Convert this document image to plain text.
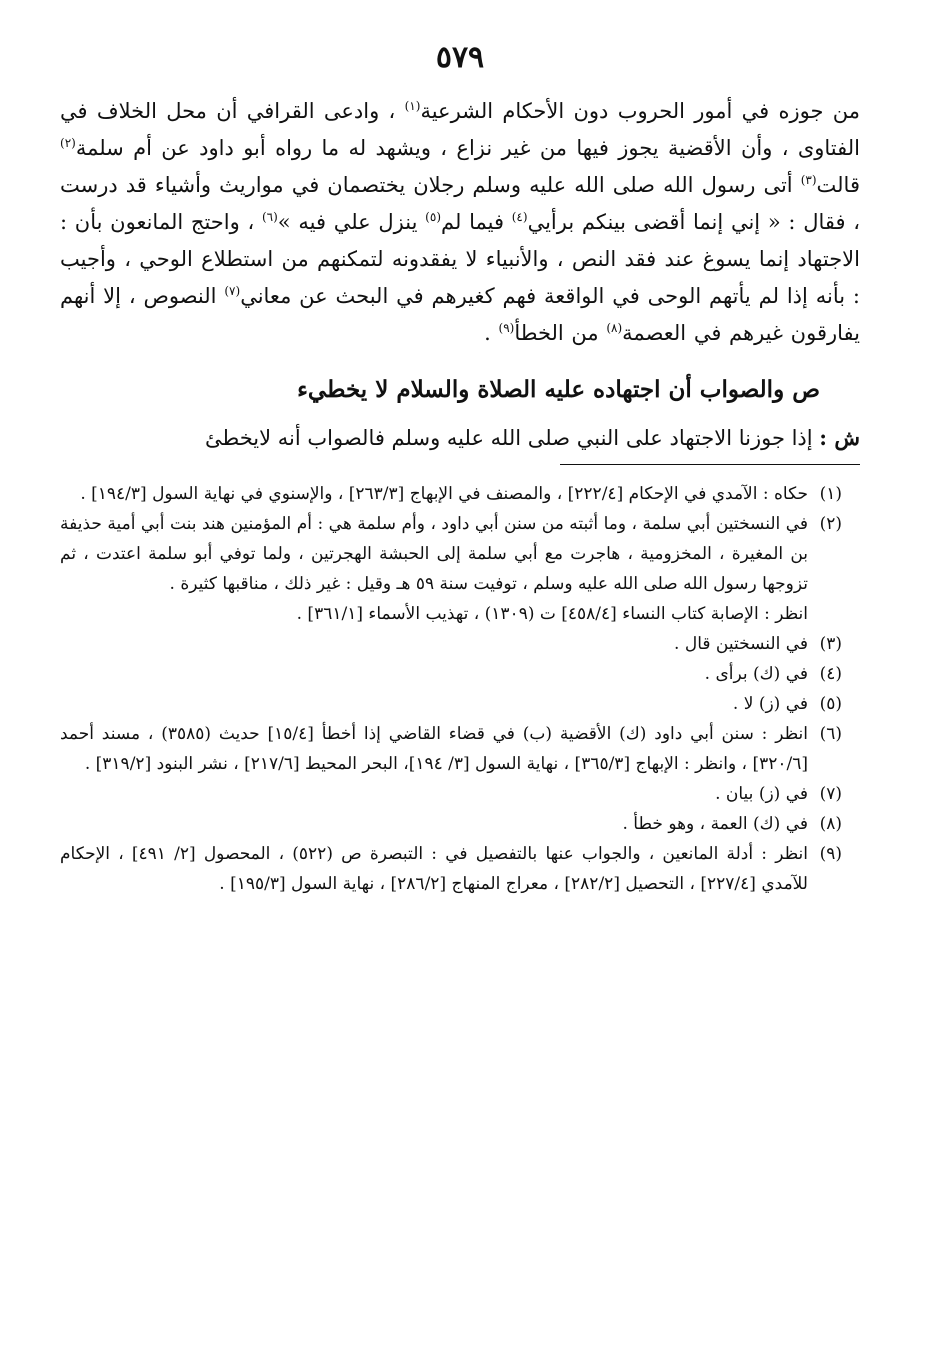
٥٧٩

من جوزه في أمور الحروب دون الأحكام الشرعية$^{(١)}$ ، وادعى القرافي أن محل الخلاف في الفتاوى ، وأن الأقضية يجوز فيها من غير نزاع ، ويشهد له ما رواه أبو داود عن أم سلمة$^{(٢)}$ قالت$^{(٣)}$ أتى رسول الله صلى الله عليه وسلم رجلان يختصمان في مواريث وأشياء قد درست ، فقال : « إني إنما أقضى بينكم برأيي$^{(٤)}$ فيما لم$^{(٥)}$ ينزل علي فيه »$^{(٦)}$ ، واحتج المانعون بأن : الاجتهاد إنما يسوغ عند فقد النص ، والأنبياء لا يفقدونه لتمكنهم من استطلاع الوحي ، وأجيب : بأنه إذا لم يأتهم الوحى في الواقعة فهم كغيرهم في البحث عن معاني$^{(٧)}$ النصوص ، إلا أنهم يفارقون غيرهم في العصمة$^{(٨)}$ من الخطأ$^{(٩)}$ .

ص والصواب أن اجتهاده عليه الصلاة والسلام لا يخطيء

ش : إذا جوزنا الاجتهاد على النبي صلى الله عليه وسلم فالصواب أنه لايخطئ

(١)حكاه : الآمدي في الإحكام [٢٢٢/٤] ، والمصنف في الإبهاج [٢٦٣/٣] ، والإسنوي في نهاية السول [١٩٤/٣] .

(٢)في النسختين أبي سلمة ، وما أثبته من سنن أبي داود ، وأم سلمة هي : أم المؤمنين هند بنت أبي أمية حذيفة بن المغيرة ، المخزومية ، هاجرت مع أبي سلمة إلى الحبشة الهجرتين ، ولما توفي أبو سلمة اعتدت ، ثم تزوجها رسول الله صلى الله عليه وسلم ، توفيت سنة ٥٩ هـ وقيل : غير ذلك ، مناقبها كثيرة .

انظر : الإصابة كتاب النساء [٤٥٨/٤] ت (١٣٠٩) ، تهذيب الأسماء [٣٦١/١] .

(٣)في النسختين قال .

(٤)في (ك) برأى .

(٥)في (ز) لا .

(٦)انظر : سنن أبي داود (ك) الأقضية (ب) في قضاء القاضي إذا أخطأ [١٥/٤] حديث (٣٥٨٥) ، مسند أحمد [٣٢٠/٦] ، وانظر : الإبهاج [٣٦٥/٣] ، نهاية السول [٣/ ١٩٤]، البحر المحيط [٢١٧/٦] ، نشر البنود [٣١٩/٢] .

(٧)في (ز) بيان .

(٨)في (ك) العمة ، وهو خطأ .

(٩)انظر : أدلة المانعين ، والجواب عنها بالتفصيل في : التبصرة ص (٥٢٢) ، المحصول [٢/ ٤٩١] ، الإحكام للآمدي [٢٢٧/٤] ، التحصيل [٢٨٢/٢] ، معراج المنهاج [٢٨٦/٢] ، نهاية السول [١٩٥/٣] .
